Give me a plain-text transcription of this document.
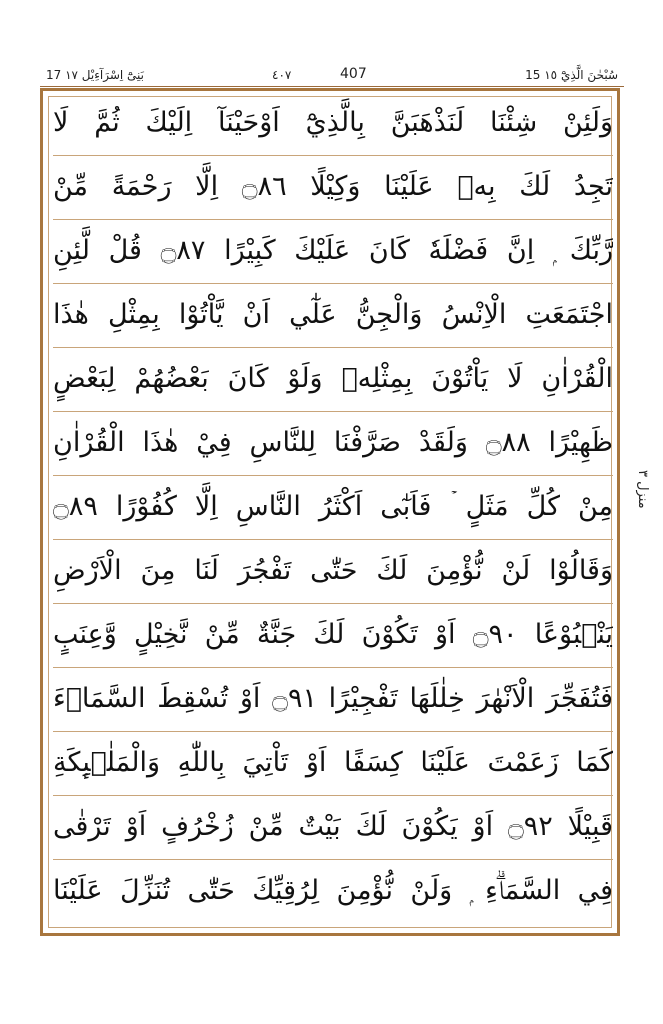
17 بَنِیْٓ اِسْرَآءِيْل ١٧	٤٠٧	407	15 سُبْحٰنَ الَّذِيْٓ ١٥
وَلَئِنْ شِئْنَا لَنَذْهَبَنَّ بِالَّذِيْٓ اَوْحَيْنَآ اِلَيْكَ ثُمَّ لَا
تَجِدُ لَكَ بِهٖ عَلَيْنَا وَكِيْلًا ۝٨٦ اِلَّا رَحْمَةً مِّنْ
رَّبِّكَ ۭ اِنَّ فَضْلَهٗ كَانَ عَلَيْكَ كَبِيْرًا ۝٨٧ قُلْ لَّئِنِ
اجْتَمَعَتِ الْاِنْسُ وَالْجِنُّ عَلٰٓي اَنْ يَّاْتُوْا بِمِثْلِ هٰذَا
الْقُرْاٰنِ لَا يَاْتُوْنَ بِمِثْلِهٖ وَلَوْ كَانَ بَعْضُهُمْ لِبَعْضٍ
ظَهِيْرًا ۝٨٨ وَلَقَدْ صَرَّفْنَا لِلنَّاسِ فِيْ هٰذَا الْقُرْاٰنِ
مِنْ كُلِّ مَثَلٍ ۡ فَاَبٰٓى اَكْثَرُ النَّاسِ اِلَّا كُفُوْرًا ۝٨٩
وَقَالُوْا لَنْ نُّؤْمِنَ لَكَ حَتّٰى تَفْجُرَ لَنَا مِنَ الْاَرْضِ
يَنْۢبُوْعًا ۝٩٠ اَوْ تَكُوْنَ لَكَ جَنَّةٌ مِّنْ نَّخِيْلٍ وَّعِنَبٍ
فَتُفَجِّرَ الْاَنْهٰرَ خِلٰلَهَا تَفْجِيْرًا ۝٩١ اَوْ تُسْقِطَ السَّمَاۗءَ
كَمَا زَعَمْتَ عَلَيْنَا كِسَفًا اَوْ تَاْتِيَ بِاللّٰهِ وَالْمَلٰۗىِٕكَةِ
قَبِيْلًا ۝٩٢ اَوْ يَكُوْنَ لَكَ بَيْتٌ مِّنْ زُخْرُفٍ اَوْ تَرْقٰى
فِي السَّمَاۗءِ ۭ وَلَنْ نُّؤْمِنَ لِرُقِيِّكَ حَتّٰى تُنَزِّلَ عَلَيْنَا
منزل ٣
